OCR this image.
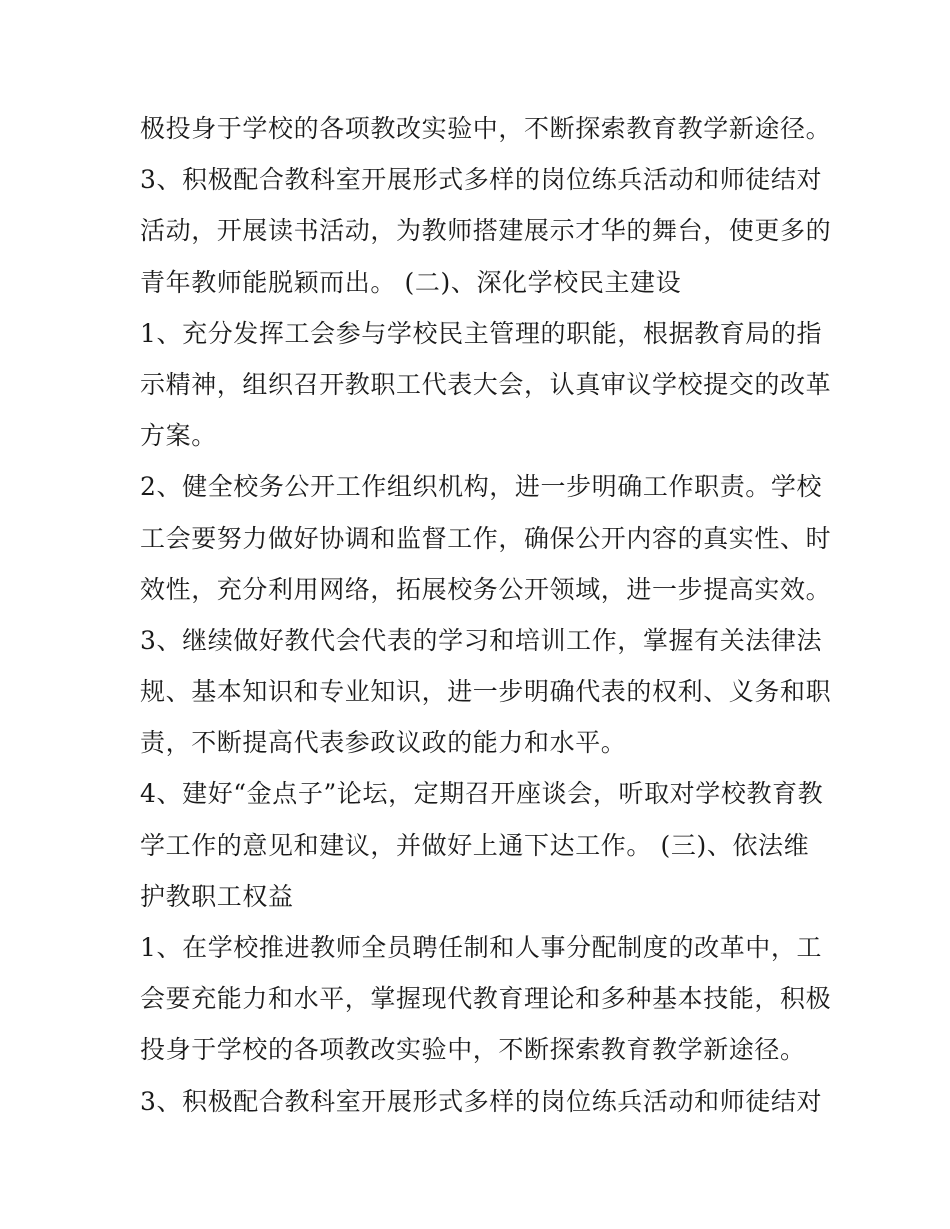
极投身于学校的各项教改实验中，不断探索教育教学新途径。
3、积极配合教科室开展形式多样的岗位练兵活动和师徒结对
活动，开展读书活动，为教师搭建展示才华的舞台，使更多的
青年教师能脱颖而出。 (二)、深化学校民主建设
1、充分发挥工会参与学校民主管理的职能，根据教育局的指
示精神，组织召开教职工代表大会，认真审议学校提交的改革
方案。
2、健全校务公开工作组织机构，进一步明确工作职责。学校
工会要努力做好协调和监督工作，确保公开内容的真实性、时
效性，充分利用网络，拓展校务公开领域，进一步提高实效。
3、继续做好教代会代表的学习和培训工作，掌握有关法律法
规、基本知识和专业知识，进一步明确代表的权利、义务和职
责，不断提高代表参政议政的能力和水平。
4、建好“金点子”论坛，定期召开座谈会，听取对学校教育教
学工作的意见和建议，并做好上通下达工作。 (三)、依法维
护教职工权益
1、在学校推进教师全员聘任制和人事分配制度的改革中，工
会要充能力和水平，掌握现代教育理论和多种基本技能，积极
投身于学校的各项教改实验中，不断探索教育教学新途径。
3、积极配合教科室开展形式多样的岗位练兵活动和师徒结对
